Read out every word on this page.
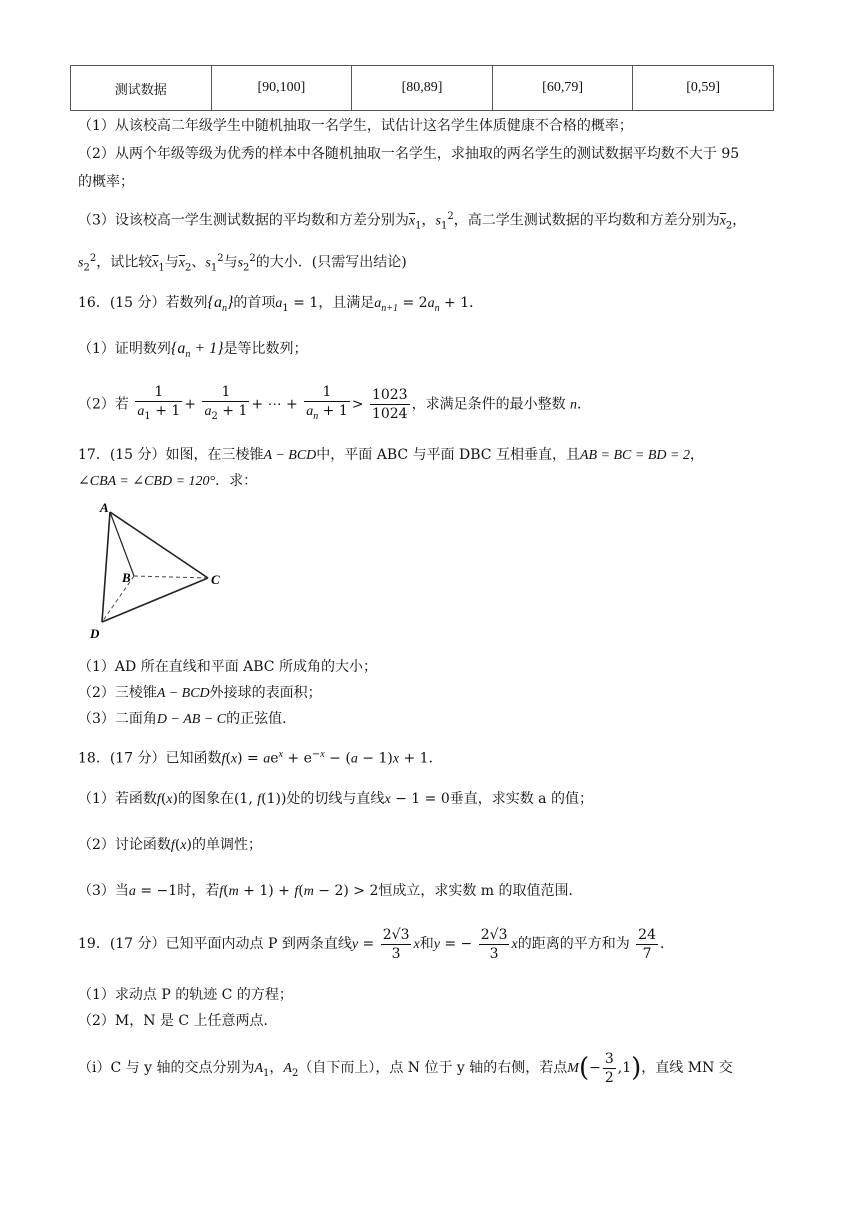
测试数据	[90,100]	[80,89]	[60,79]	[0,59]
（1）从该校高二年级学生中随机抽取一名学生，试估计这名学生体质健康不合格的概率；
（2）从两个年级等级为优秀的样本中各随机抽取一名学生，求抽取的两名学生的测试数据平均数不大于 95
的概率；
（3）设该校高一学生测试数据的平均数和方差分别为$\overline{x}_1$，$s_1^2$，高二学生测试数据的平均数和方差分别为$\overline{x}_2$，
$s_2^2$，试比较$\overline{x}_1$与$\overline{x}_2$、$s_1^2$与$s_2^2$的大小．(只需写出结论)
16．(15 分）若数列$\{a_n\}$的首项$a_1 = 1$，且满足$a_{n+1} = 2a_n + 1$．
（1）证明数列$\{a_n + 1\}$是等比数列；
（2）若 $\frac{1}{a_1 + 1} + \frac{1}{a_2 + 1}$ + ⋯ + $\frac{1}{a_n + 1} > \frac{1023}{1024}$ ，求满足条件的最小整数 n．
17．(15 分）如图，在三棱锥A − BCD中，平面 ABC 与平面 DBC 互相垂直，且AB = BC = BD = 2，
∠CBA = ∠CBD = 120°．求：
A
B	C
D
（1）AD 所在直线和平面 ABC 所成角的大小；
（2）三棱锥A − BCD外接球的表面积；
（3）二面角D − AB − C的正弦值．
18．(17 分）已知函数$f(x) = ae^x + e^{-x} - (a - 1)x + 1$．
（1）若函数f(x)的图象在(1, f(1))处的切线与直线x − 1 = 0垂直，求实数 a 的值；
（2）讨论函数f(x)的单调性；
（3）当a = −1时，若f(m + 1) + f(m − 2) > 2恒成立，求实数 m 的取值范围．
19．(17 分）已知平面内动点 P 到两条直线$y = \frac{2√3}{3}$ x和y = − $\frac{2√3}{3}$ x的距离的平方和为 $\frac{24}{7}$ ．
（1）求动点 P 的轨迹 C 的方程；
（2）M，N 是 C 上任意两点．
（ⅰ）C 与 y 轴的交点分别为$A_1$，$A_2$（自下而上），点 N 位于 y 轴的右侧，若点$M(- \frac{3}{2} ,1)$，直线 MN 交
